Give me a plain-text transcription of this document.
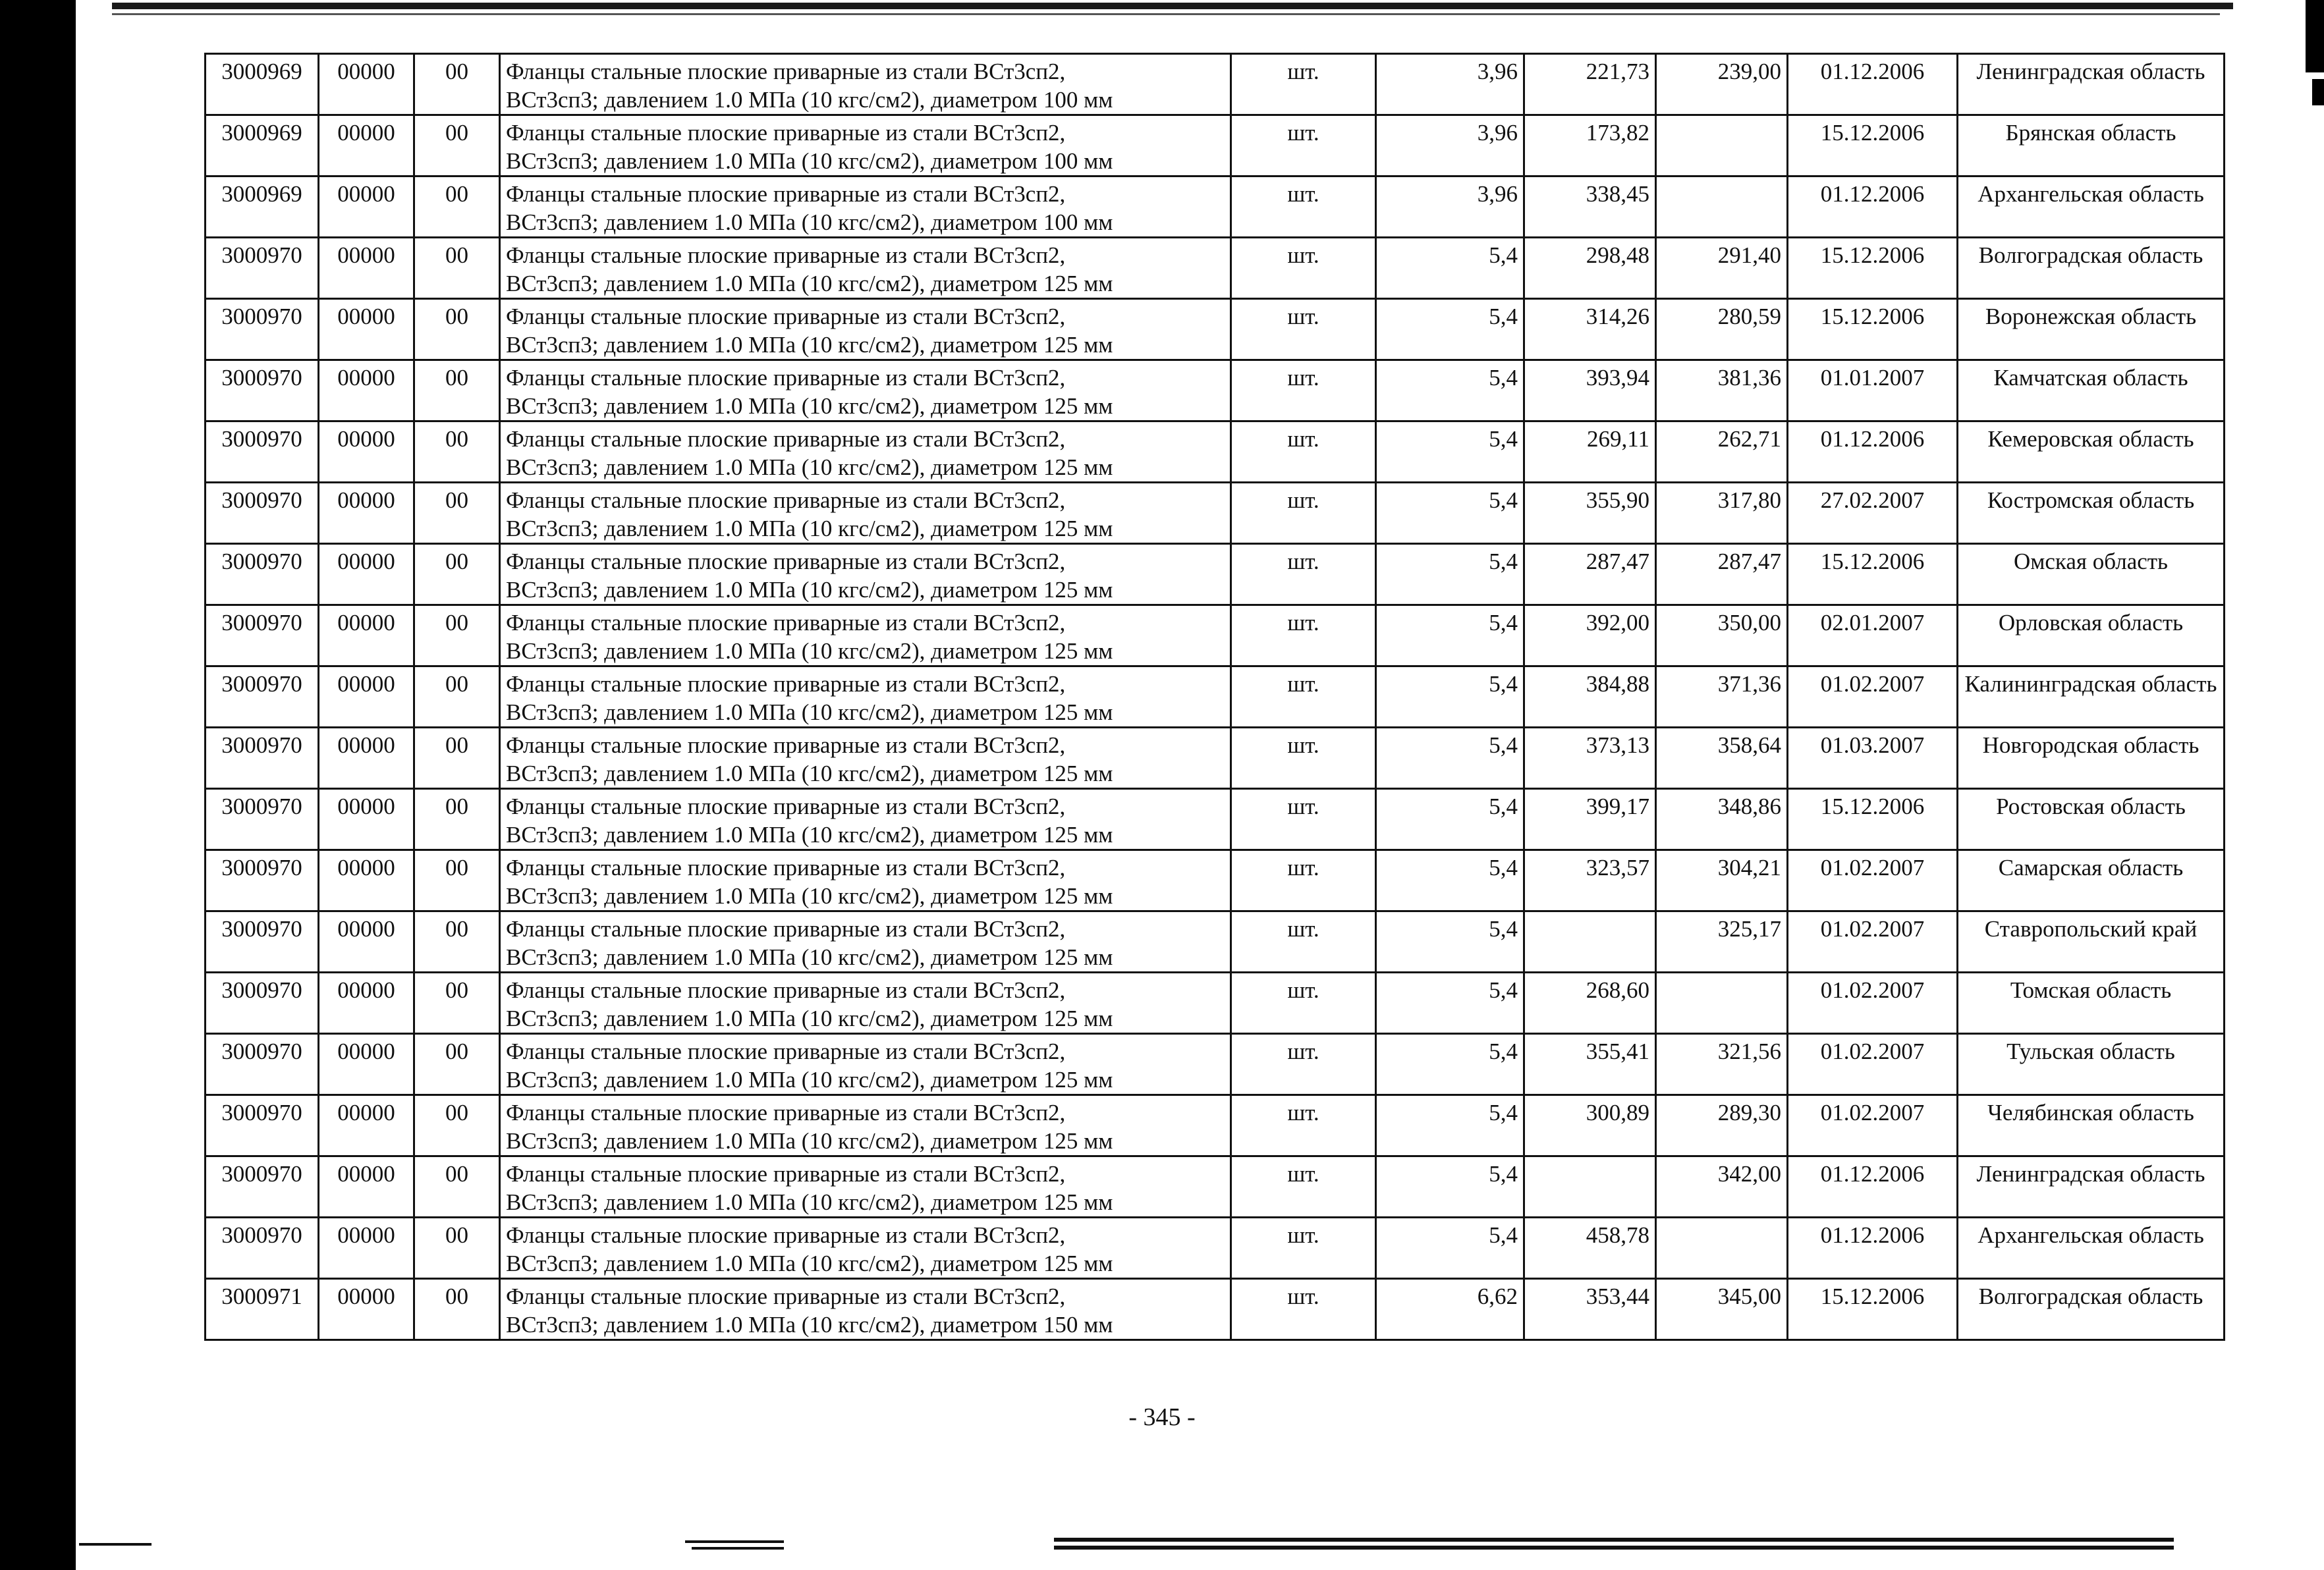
3000969	00000	00	Фланцы стальные плоские приварные из стали ВСт3сп2,
ВСт3сп3; давлением 1.0 МПа (10 кгс/см2), диаметром 100 мм	шт.	3,96	221,73	239,00	01.12.2006	Ленинградская область
3000969	00000	00	Фланцы стальные плоские приварные из стали ВСт3сп2,
ВСт3сп3; давлением 1.0 МПа (10 кгс/см2), диаметром 100 мм	шт.	3,96	173,82		15.12.2006	Брянская область
3000969	00000	00	Фланцы стальные плоские приварные из стали ВСт3сп2,
ВСт3сп3; давлением 1.0 МПа (10 кгс/см2), диаметром 100 мм	шт.	3,96	338,45		01.12.2006	Архангельская область
3000970	00000	00	Фланцы стальные плоские приварные из стали ВСт3сп2,
ВСт3сп3; давлением 1.0 МПа (10 кгс/см2), диаметром 125 мм	шт.	5,4	298,48	291,40	15.12.2006	Волгоградская область
3000970	00000	00	Фланцы стальные плоские приварные из стали ВСт3сп2,
ВСт3сп3; давлением 1.0 МПа (10 кгс/см2), диаметром 125 мм	шт.	5,4	314,26	280,59	15.12.2006	Воронежская область
3000970	00000	00	Фланцы стальные плоские приварные из стали ВСт3сп2,
ВСт3сп3; давлением 1.0 МПа (10 кгс/см2), диаметром 125 мм	шт.	5,4	393,94	381,36	01.01.2007	Камчатская область
3000970	00000	00	Фланцы стальные плоские приварные из стали ВСт3сп2,
ВСт3сп3; давлением 1.0 МПа (10 кгс/см2), диаметром 125 мм	шт.	5,4	269,11	262,71	01.12.2006	Кемеровская область
3000970	00000	00	Фланцы стальные плоские приварные из стали ВСт3сп2,
ВСт3сп3; давлением 1.0 МПа (10 кгс/см2), диаметром 125 мм	шт.	5,4	355,90	317,80	27.02.2007	Костромская область
3000970	00000	00	Фланцы стальные плоские приварные из стали ВСт3сп2,
ВСт3сп3; давлением 1.0 МПа (10 кгс/см2), диаметром 125 мм	шт.	5,4	287,47	287,47	15.12.2006	Омская область
3000970	00000	00	Фланцы стальные плоские приварные из стали ВСт3сп2,
ВСт3сп3; давлением 1.0 МПа (10 кгс/см2), диаметром 125 мм	шт.	5,4	392,00	350,00	02.01.2007	Орловская область
3000970	00000	00	Фланцы стальные плоские приварные из стали ВСт3сп2,
ВСт3сп3; давлением 1.0 МПа (10 кгс/см2), диаметром 125 мм	шт.	5,4	384,88	371,36	01.02.2007	Калининградская область
3000970	00000	00	Фланцы стальные плоские приварные из стали ВСт3сп2,
ВСт3сп3; давлением 1.0 МПа (10 кгс/см2), диаметром 125 мм	шт.	5,4	373,13	358,64	01.03.2007	Новгородская область
3000970	00000	00	Фланцы стальные плоские приварные из стали ВСт3сп2,
ВСт3сп3; давлением 1.0 МПа (10 кгс/см2), диаметром 125 мм	шт.	5,4	399,17	348,86	15.12.2006	Ростовская область
3000970	00000	00	Фланцы стальные плоские приварные из стали ВСт3сп2,
ВСт3сп3; давлением 1.0 МПа (10 кгс/см2), диаметром 125 мм	шт.	5,4	323,57	304,21	01.02.2007	Самарская область
3000970	00000	00	Фланцы стальные плоские приварные из стали ВСт3сп2,
ВСт3сп3; давлением 1.0 МПа (10 кгс/см2), диаметром 125 мм	шт.	5,4		325,17	01.02.2007	Ставропольский край
3000970	00000	00	Фланцы стальные плоские приварные из стали ВСт3сп2,
ВСт3сп3; давлением 1.0 МПа (10 кгс/см2), диаметром 125 мм	шт.	5,4	268,60		01.02.2007	Томская область
3000970	00000	00	Фланцы стальные плоские приварные из стали ВСт3сп2,
ВСт3сп3; давлением 1.0 МПа (10 кгс/см2), диаметром 125 мм	шт.	5,4	355,41	321,56	01.02.2007	Тульская область
3000970	00000	00	Фланцы стальные плоские приварные из стали ВСт3сп2,
ВСт3сп3; давлением 1.0 МПа (10 кгс/см2), диаметром 125 мм	шт.	5,4	300,89	289,30	01.02.2007	Челябинская область
3000970	00000	00	Фланцы стальные плоские приварные из стали ВСт3сп2,
ВСт3сп3; давлением 1.0 МПа (10 кгс/см2), диаметром 125 мм	шт.	5,4		342,00	01.12.2006	Ленинградская область
3000970	00000	00	Фланцы стальные плоские приварные из стали ВСт3сп2,
ВСт3сп3; давлением 1.0 МПа (10 кгс/см2), диаметром 125 мм	шт.	5,4	458,78		01.12.2006	Архангельская область
3000971	00000	00	Фланцы стальные плоские приварные из стали ВСт3сп2,
ВСт3сп3; давлением 1.0 МПа (10 кгс/см2), диаметром 150 мм	шт.	6,62	353,44	345,00	15.12.2006	Волгоградская область
- 345 -
